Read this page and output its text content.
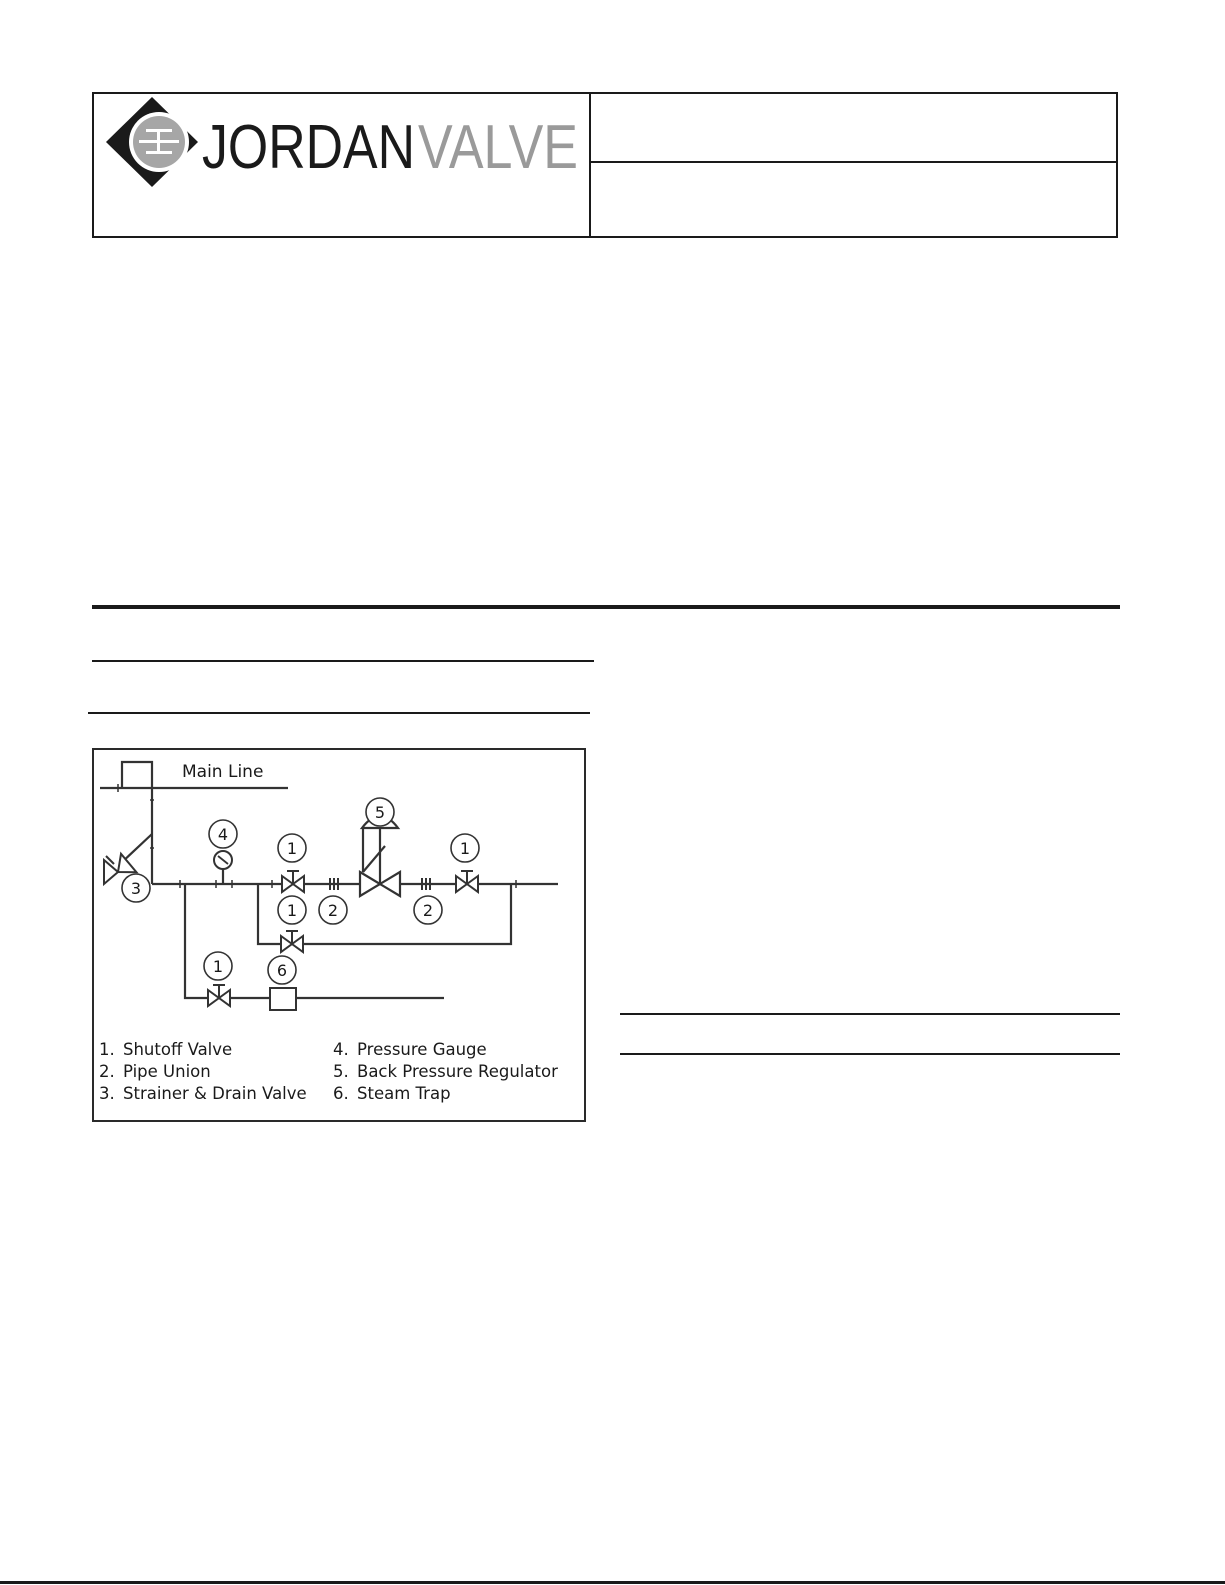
JORDAN VALVE
Main Line
3
4
1
5
1
1 2	2
1	6
1. Shutoff Valve
2. Pipe Union
3. Strainer & Drain Valve
4. Pressure Gauge
5. Back Pressure Regulator
6. Steam Trap
